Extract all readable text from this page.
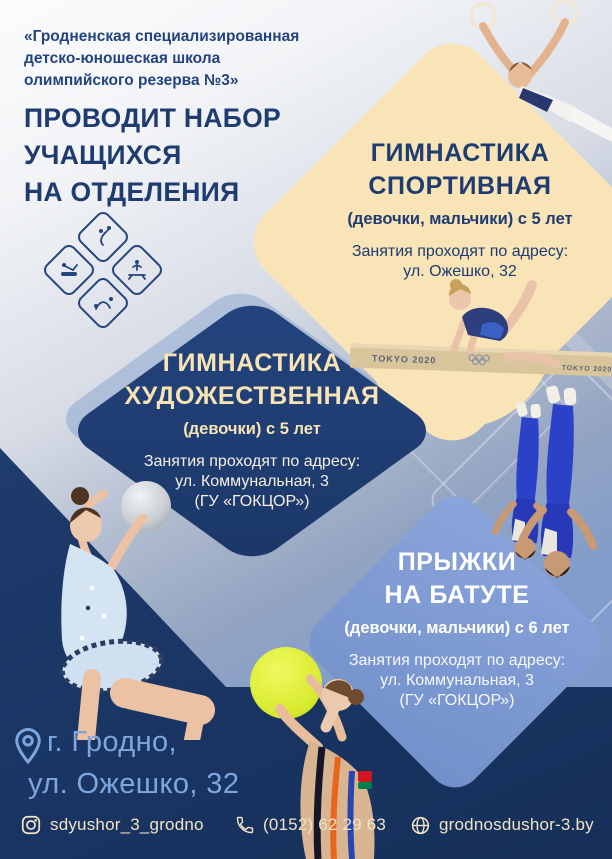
TOKYO 2020
TOKYO 2020
«Гродненская специализированная
детско-юношеская школа
олимпийского резерва №3»
ПРОВОДИТ НАБОР
УЧАЩИХСЯ
НА ОТДЕЛЕНИЯ
ГИМНАСТИКА
СПОРТИВНАЯ
(девочки, мальчики) с 5 лет
Занятия проходят по адресу:
ул. Ожешко, 32
ГИМНАСТИКА
ХУДОЖЕСТВЕННАЯ
(девочки) с 5 лет
Занятия проходят по адресу:
ул. Коммунальная, 3
(ГУ «ГОКЦОР»)
ПРЫЖКИ
НА БАТУТЕ
(девочки, мальчики) с 6 лет
Занятия проходят по адресу:
ул. Коммунальная, 3
(ГУ «ГОКЦОР»)
г. Гродно,
ул. Ожешко, 32
sdyushor_3_grodno	(0152) 62 29 63	grodnosdushor-3.by
